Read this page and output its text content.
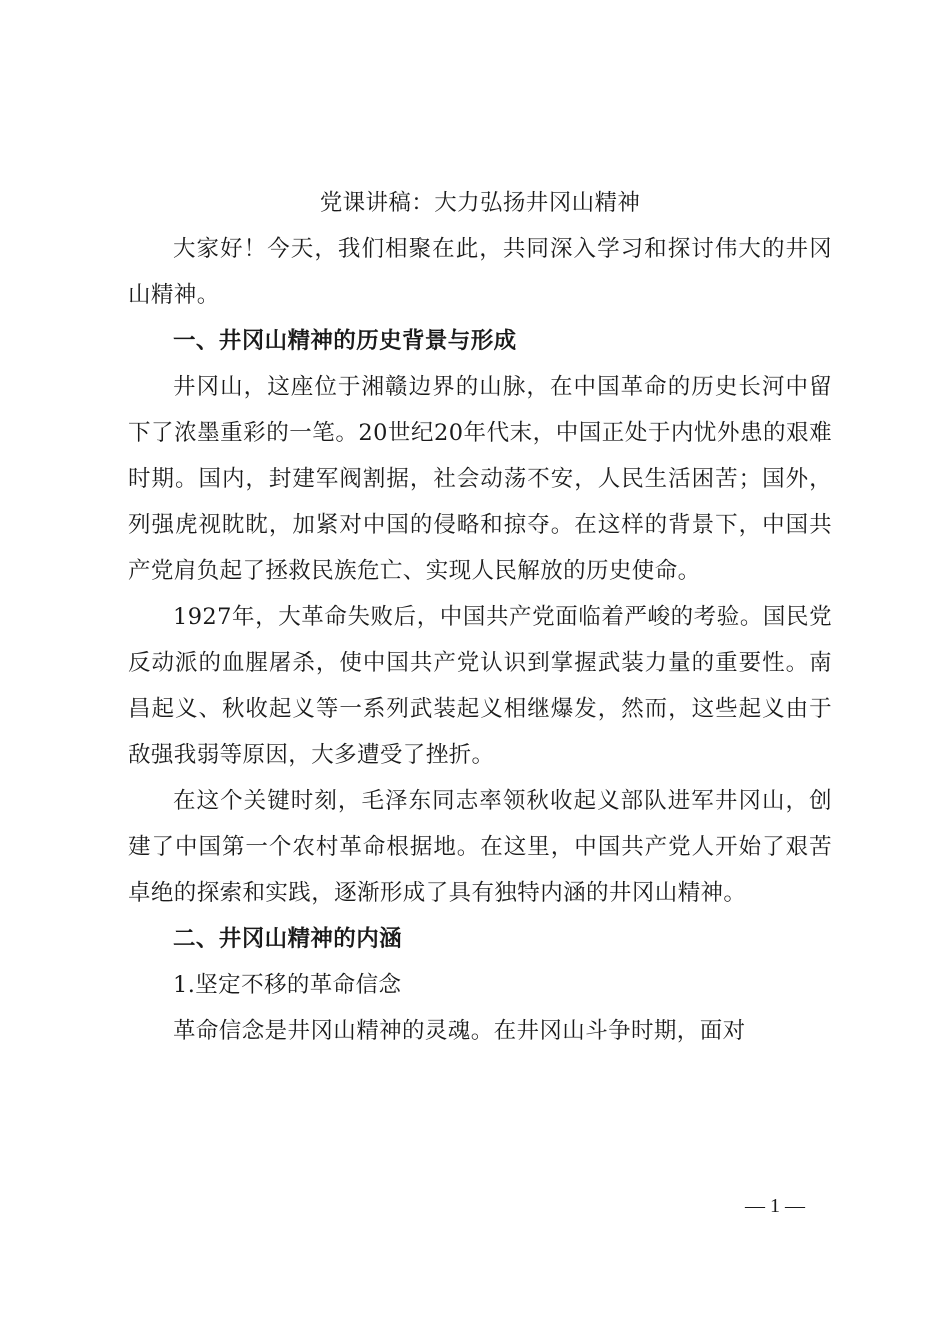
党课讲稿：大力弘扬井冈山精神

大家好！今天，我们相聚在此，共同深入学习和探讨伟大的井冈山精神。

一、井冈山精神的历史背景与形成

井冈山，这座位于湘赣边界的山脉，在中国革命的历史长河中留下了浓墨重彩的一笔。20世纪20年代末，中国正处于内忧外患的艰难时期。国内，封建军阀割据，社会动荡不安，人民生活困苦；国外，列强虎视眈眈，加紧对中国的侵略和掠夺。在这样的背景下，中国共产党肩负起了拯救民族危亡、实现人民解放的历史使命。

1927年，大革命失败后，中国共产党面临着严峻的考验。国民党反动派的血腥屠杀，使中国共产党认识到掌握武装力量的重要性。南昌起义、秋收起义等一系列武装起义相继爆发，然而，这些起义由于敌强我弱等原因，大多遭受了挫折。

在这个关键时刻，毛泽东同志率领秋收起义部队进军井冈山，创建了中国第一个农村革命根据地。在这里，中国共产党人开始了艰苦卓绝的探索和实践，逐渐形成了具有独特内涵的井冈山精神。

二、井冈山精神的内涵

1.坚定不移的革命信念

革命信念是井冈山精神的灵魂。在井冈山斗争时期，面对

— 1 —
